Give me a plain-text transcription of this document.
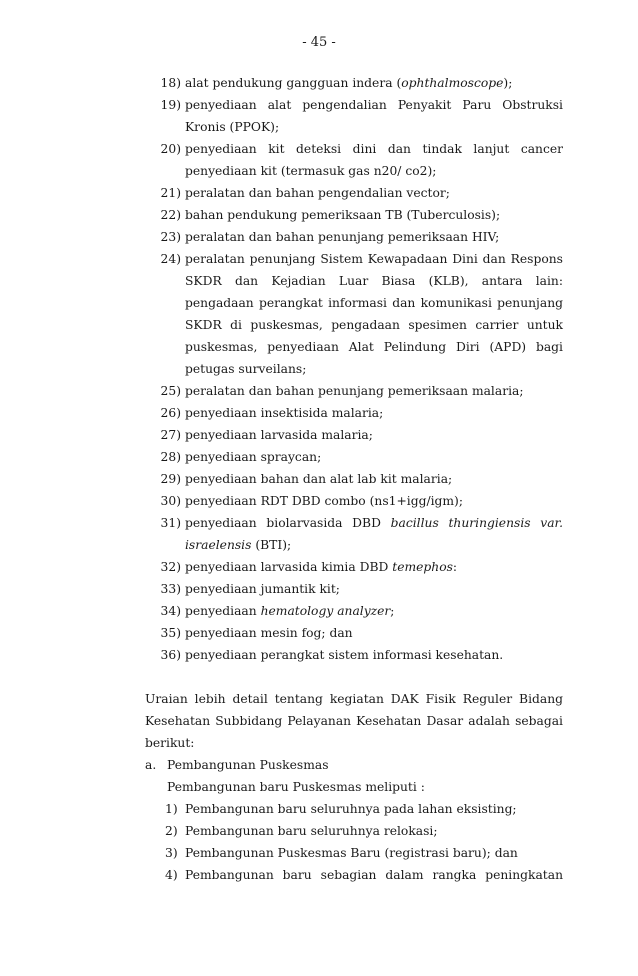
- 45 -
18) alat pendukung gangguan indera (ophthalmoscope);
19) penyediaan alat pengendalian Penyakit Paru Obstruksi Kronis (PPOK);
20) penyediaan kit deteksi dini dan tindak lanjut cancer penyediaan kit (termasuk gas n20/ co2);
21) peralatan dan bahan pengendalian vector;
22) bahan pendukung pemeriksaan TB (Tuberculosis);
23) peralatan dan bahan penunjang pemeriksaan HIV;
24) peralatan penunjang Sistem Kewapadaan Dini dan Respons SKDR dan Kejadian Luar Biasa (KLB), antara lain: pengadaan perangkat informasi dan komunikasi penunjang SKDR di puskesmas, pengadaan spesimen carrier untuk puskesmas, penyediaan Alat Pelindung Diri (APD) bagi petugas surveilans;
25) peralatan dan bahan penunjang pemeriksaan malaria;
26) penyediaan insektisida malaria;
27) penyediaan larvasida malaria;
28) penyediaan spraycan;
29) penyediaan bahan dan alat lab kit malaria;
30) penyediaan RDT DBD combo (ns1+igg/igm);
31) penyediaan biolarvasida DBD bacillus thuringiensis var. israelensis (BTI);
32) penyediaan larvasida kimia DBD temephos:
33) penyediaan jumantik kit;
34) penyediaan hematology analyzer;
35) penyediaan mesin fog; dan
36) penyediaan perangkat sistem informasi kesehatan.
Uraian lebih detail tentang kegiatan DAK Fisik Reguler Bidang Kesehatan Subbidang Pelayanan Kesehatan Dasar adalah sebagai berikut:
a. Pembangunan Puskesmas
Pembangunan baru Puskesmas meliputi :
1) Pembangunan baru seluruhnya pada lahan eksisting;
2) Pembangunan baru seluruhnya relokasi;
3) Pembangunan Puskesmas Baru (registrasi baru); dan
4) Pembangunan baru sebagian dalam rangka peningkatan
